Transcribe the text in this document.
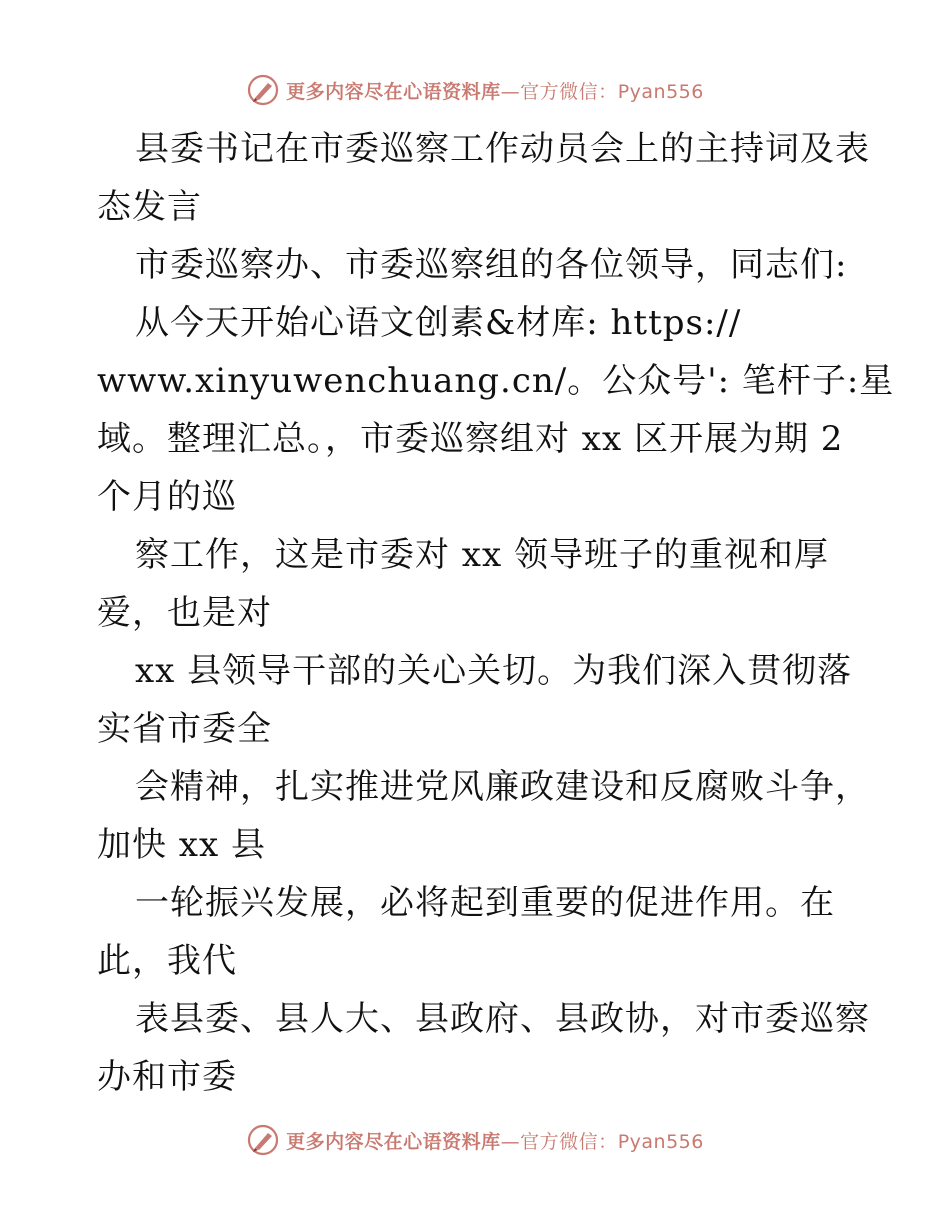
更多内容尽在心语资料库—官方微信：Pyan556
县委书记在市委巡察工作动员会上的主持词及表
态发言
市委巡察办、市委巡察组的各位领导，同志们:
从今天开始心语文创素&材库: https://
www.xinyuwenchuang.cn/。公众号': 笔杆子:星
域。整理汇总。，市委巡察组对 xx 区开展为期 2
个月的巡
察工作，这是市委对 xx 领导班子的重视和厚
爱，也是对
xx 县领导干部的关心关切。为我们深入贯彻落
实省市委全
会精神，扎实推进党风廉政建设和反腐败斗争，
加快 xx 县
一轮振兴发展，必将起到重要的促进作用。在
此，我代
表县委、县人大、县政府、县政协，对市委巡察
办和市委
更多内容尽在心语资料库—官方微信：Pyan556
